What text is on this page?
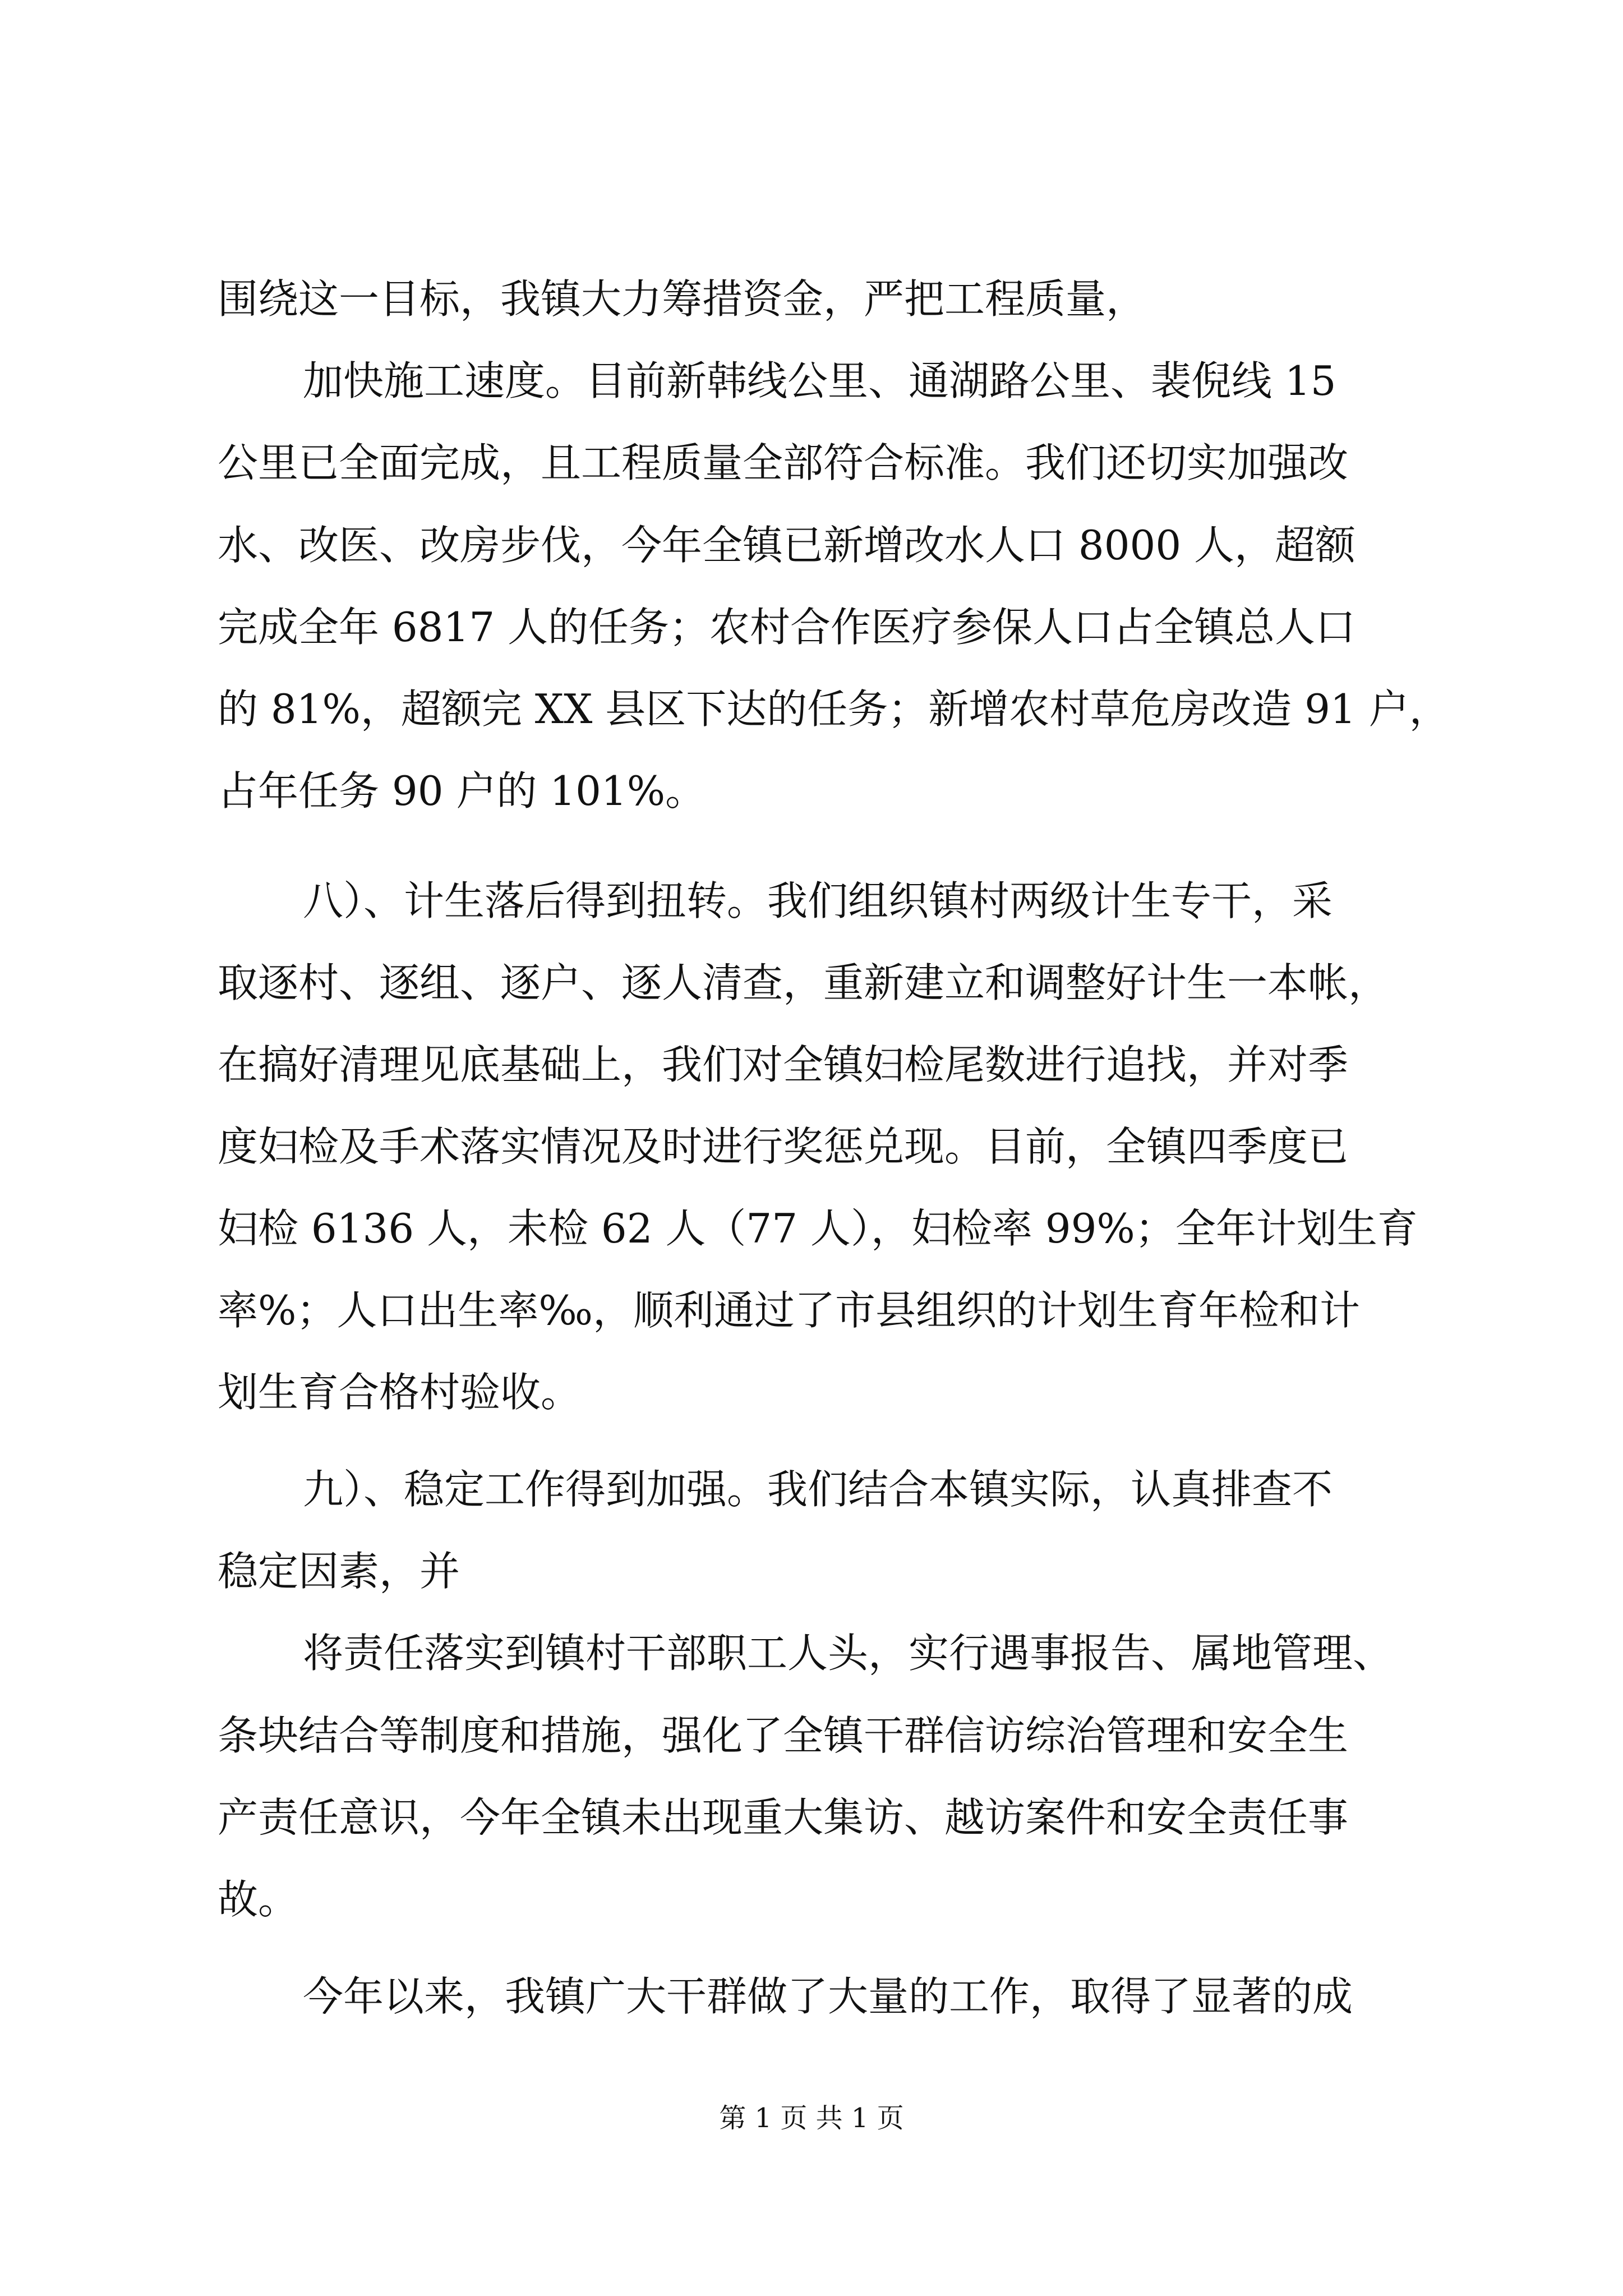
围绕这一目标，我镇大力筹措资金，严把工程质量，
加快施工速度。目前新韩线公里、通湖路公里、裴倪线 15
公里已全面完成，且工程质量全部符合标准。我们还切实加强改
水、改医、改房步伐，今年全镇已新增改水人口 8000 人，超额
完成全年 6817 人的任务；农村合作医疗参保人口占全镇总人口
的 81%，超额完 XX 县区下达的任务；新增农村草危房改造 91 户，
占年任务 90 户的 101%。
八）、计生落后得到扭转。我们组织镇村两级计生专干，采
取逐村、逐组、逐户、逐人清查，重新建立和调整好计生一本帐，
在搞好清理见底基础上，我们对全镇妇检尾数进行追找，并对季
度妇检及手术落实情况及时进行奖惩兑现。目前，全镇四季度已
妇检 6136 人，未检 62 人（77 人），妇检率 99%；全年计划生育
率%；人口出生率‰，顺利通过了市县组织的计划生育年检和计
划生育合格村验收。
九）、稳定工作得到加强。我们结合本镇实际，认真排查不
稳定因素，并
将责任落实到镇村干部职工人头，实行遇事报告、属地管理、
条块结合等制度和措施，强化了全镇干群信访综治管理和安全生
产责任意识，今年全镇未出现重大集访、越访案件和安全责任事
故。
今年以来，我镇广大干群做了大量的工作，取得了显著的成
第 1 页 共 1 页
